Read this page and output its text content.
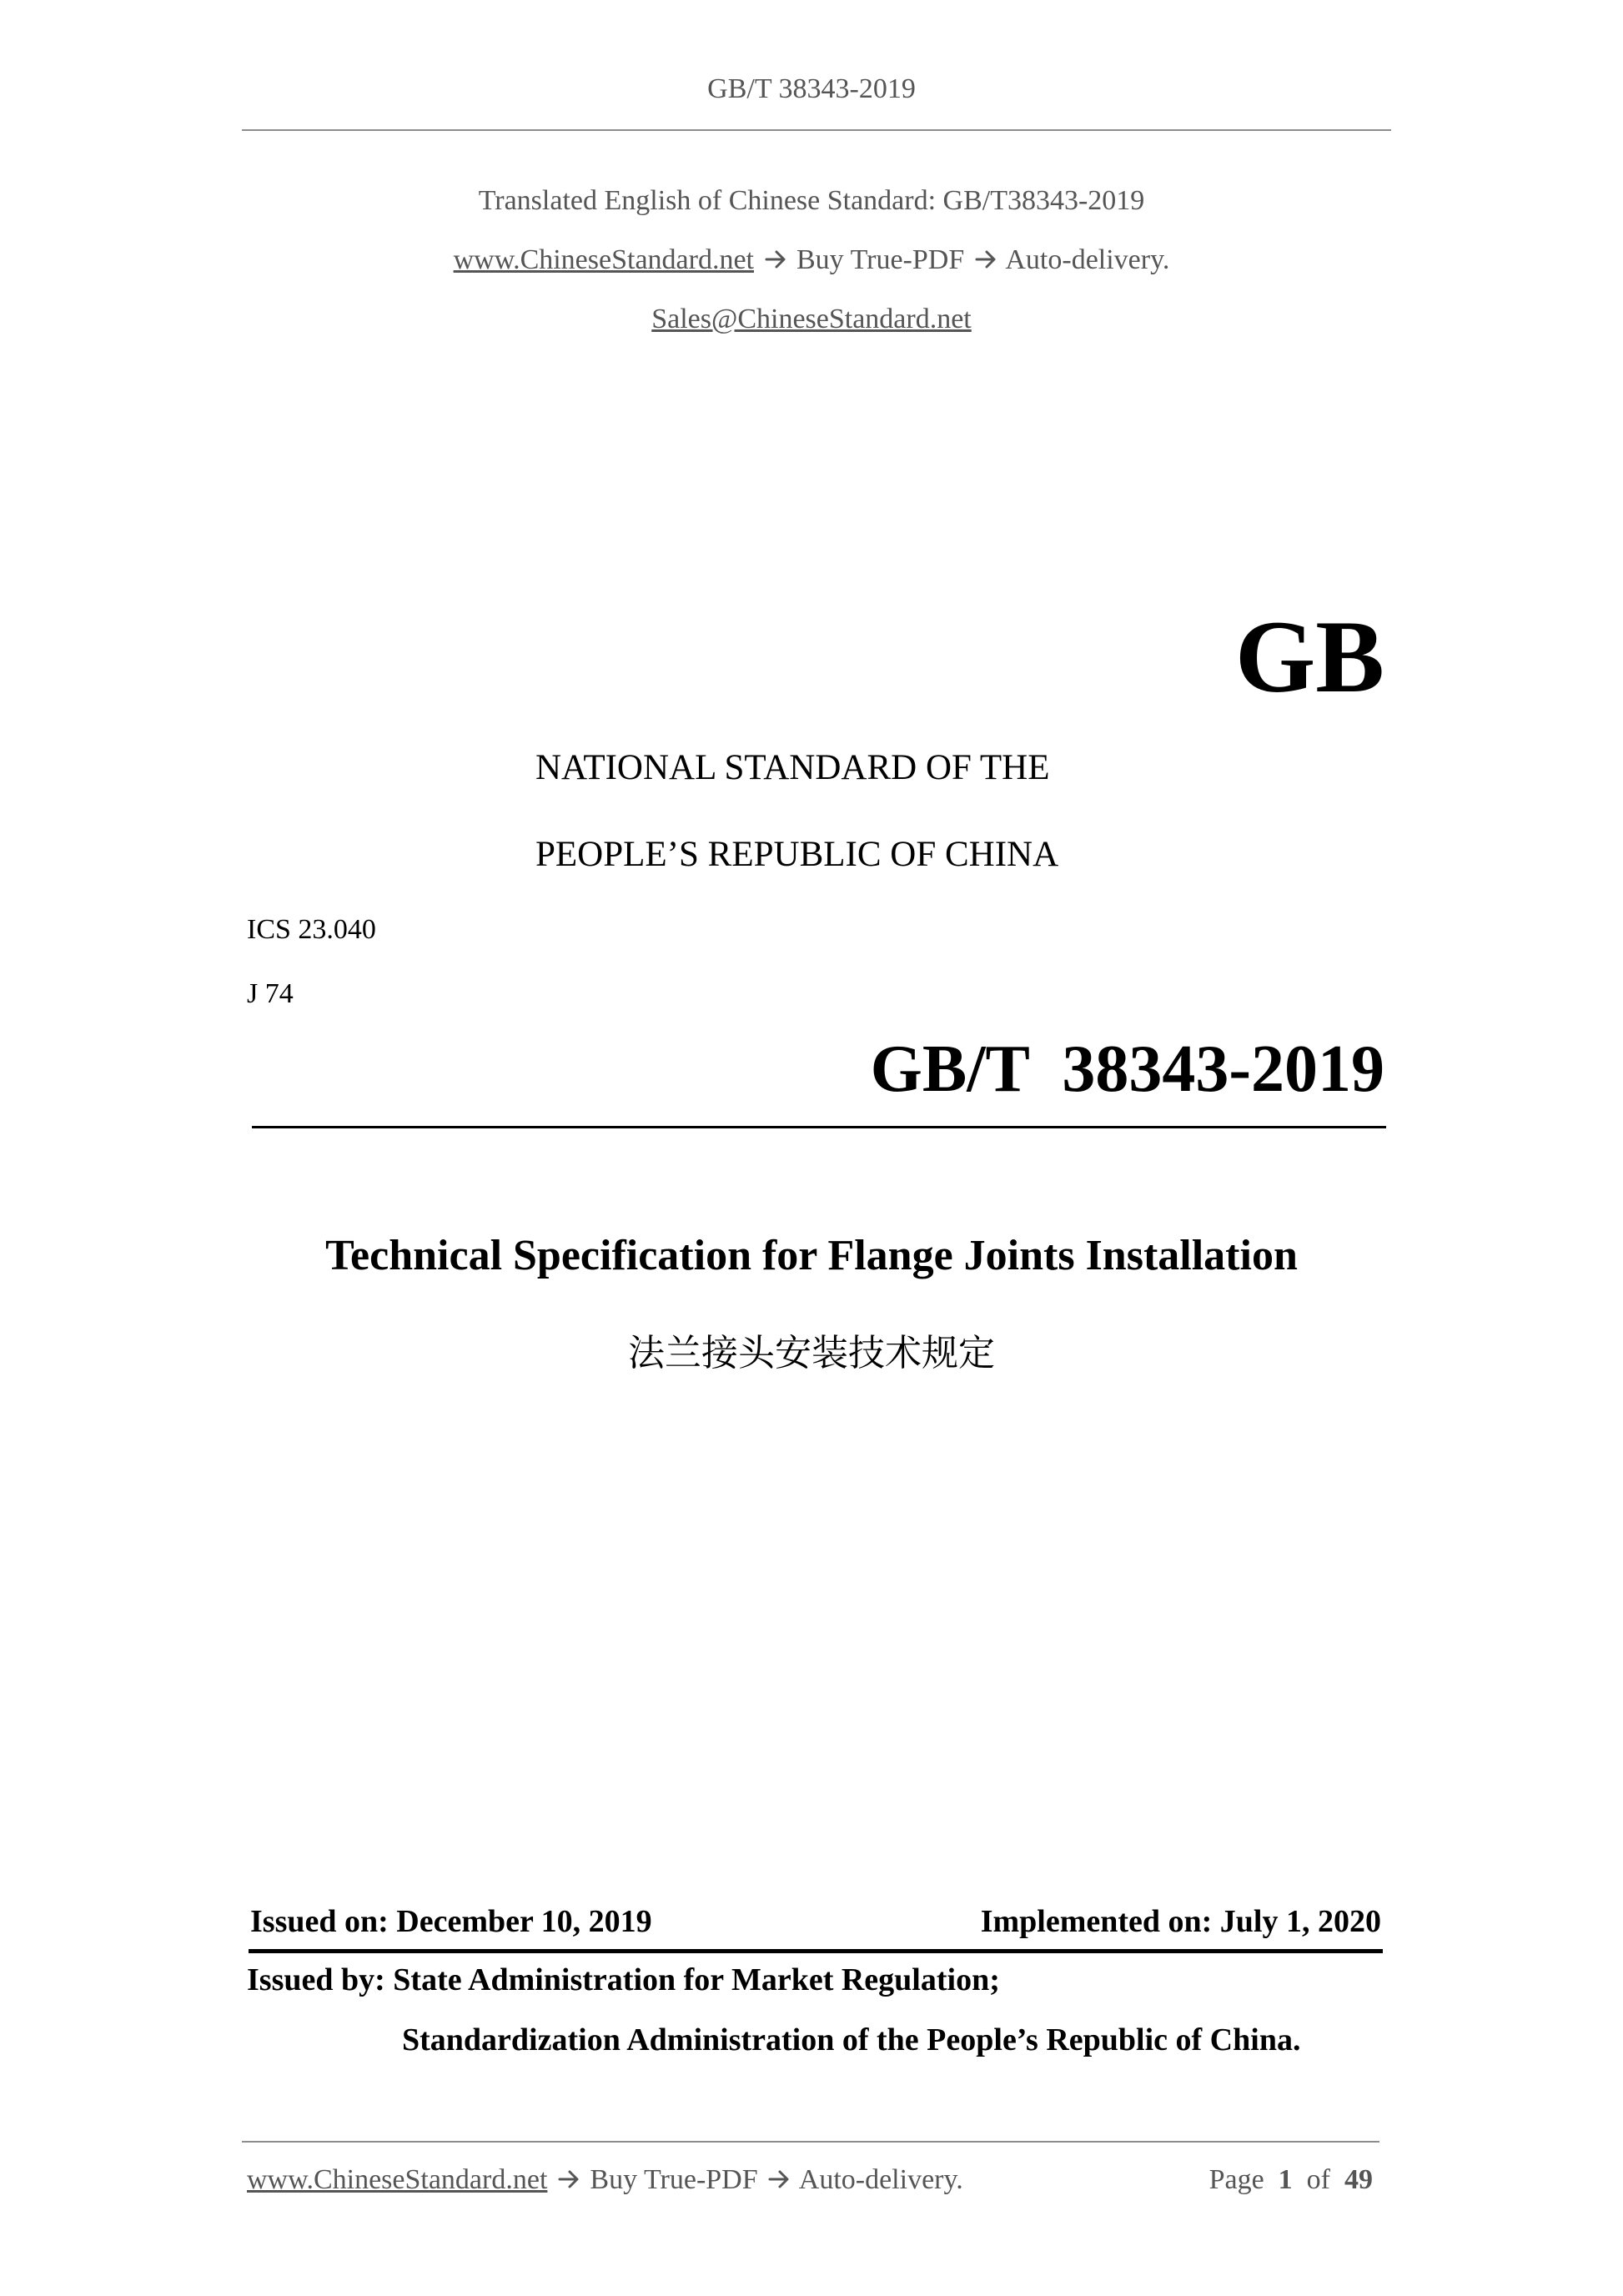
GB/T 38343-2019
Translated English of Chinese Standard: GB/T38343-2019
www.ChineseStandard.net Buy True-PDF Auto-delivery.
Sales@ChineseStandard.net
GB
NATIONAL STANDARD OF THE
PEOPLE’S REPUBLIC OF CHINA
ICS 23.040
J 74
GB/T  38343-2019
Technical Specification for Flange Joints Installation
法兰接头安装技术规定
Issued on: December 10, 2019	Implemented on: July 1, 2020
Issued by: State Administration for Market Regulation;
Standardization Administration of the People’s Republic of China.
www.ChineseStandard.net Buy True-PDF Auto-delivery.	Page 1 of 49
